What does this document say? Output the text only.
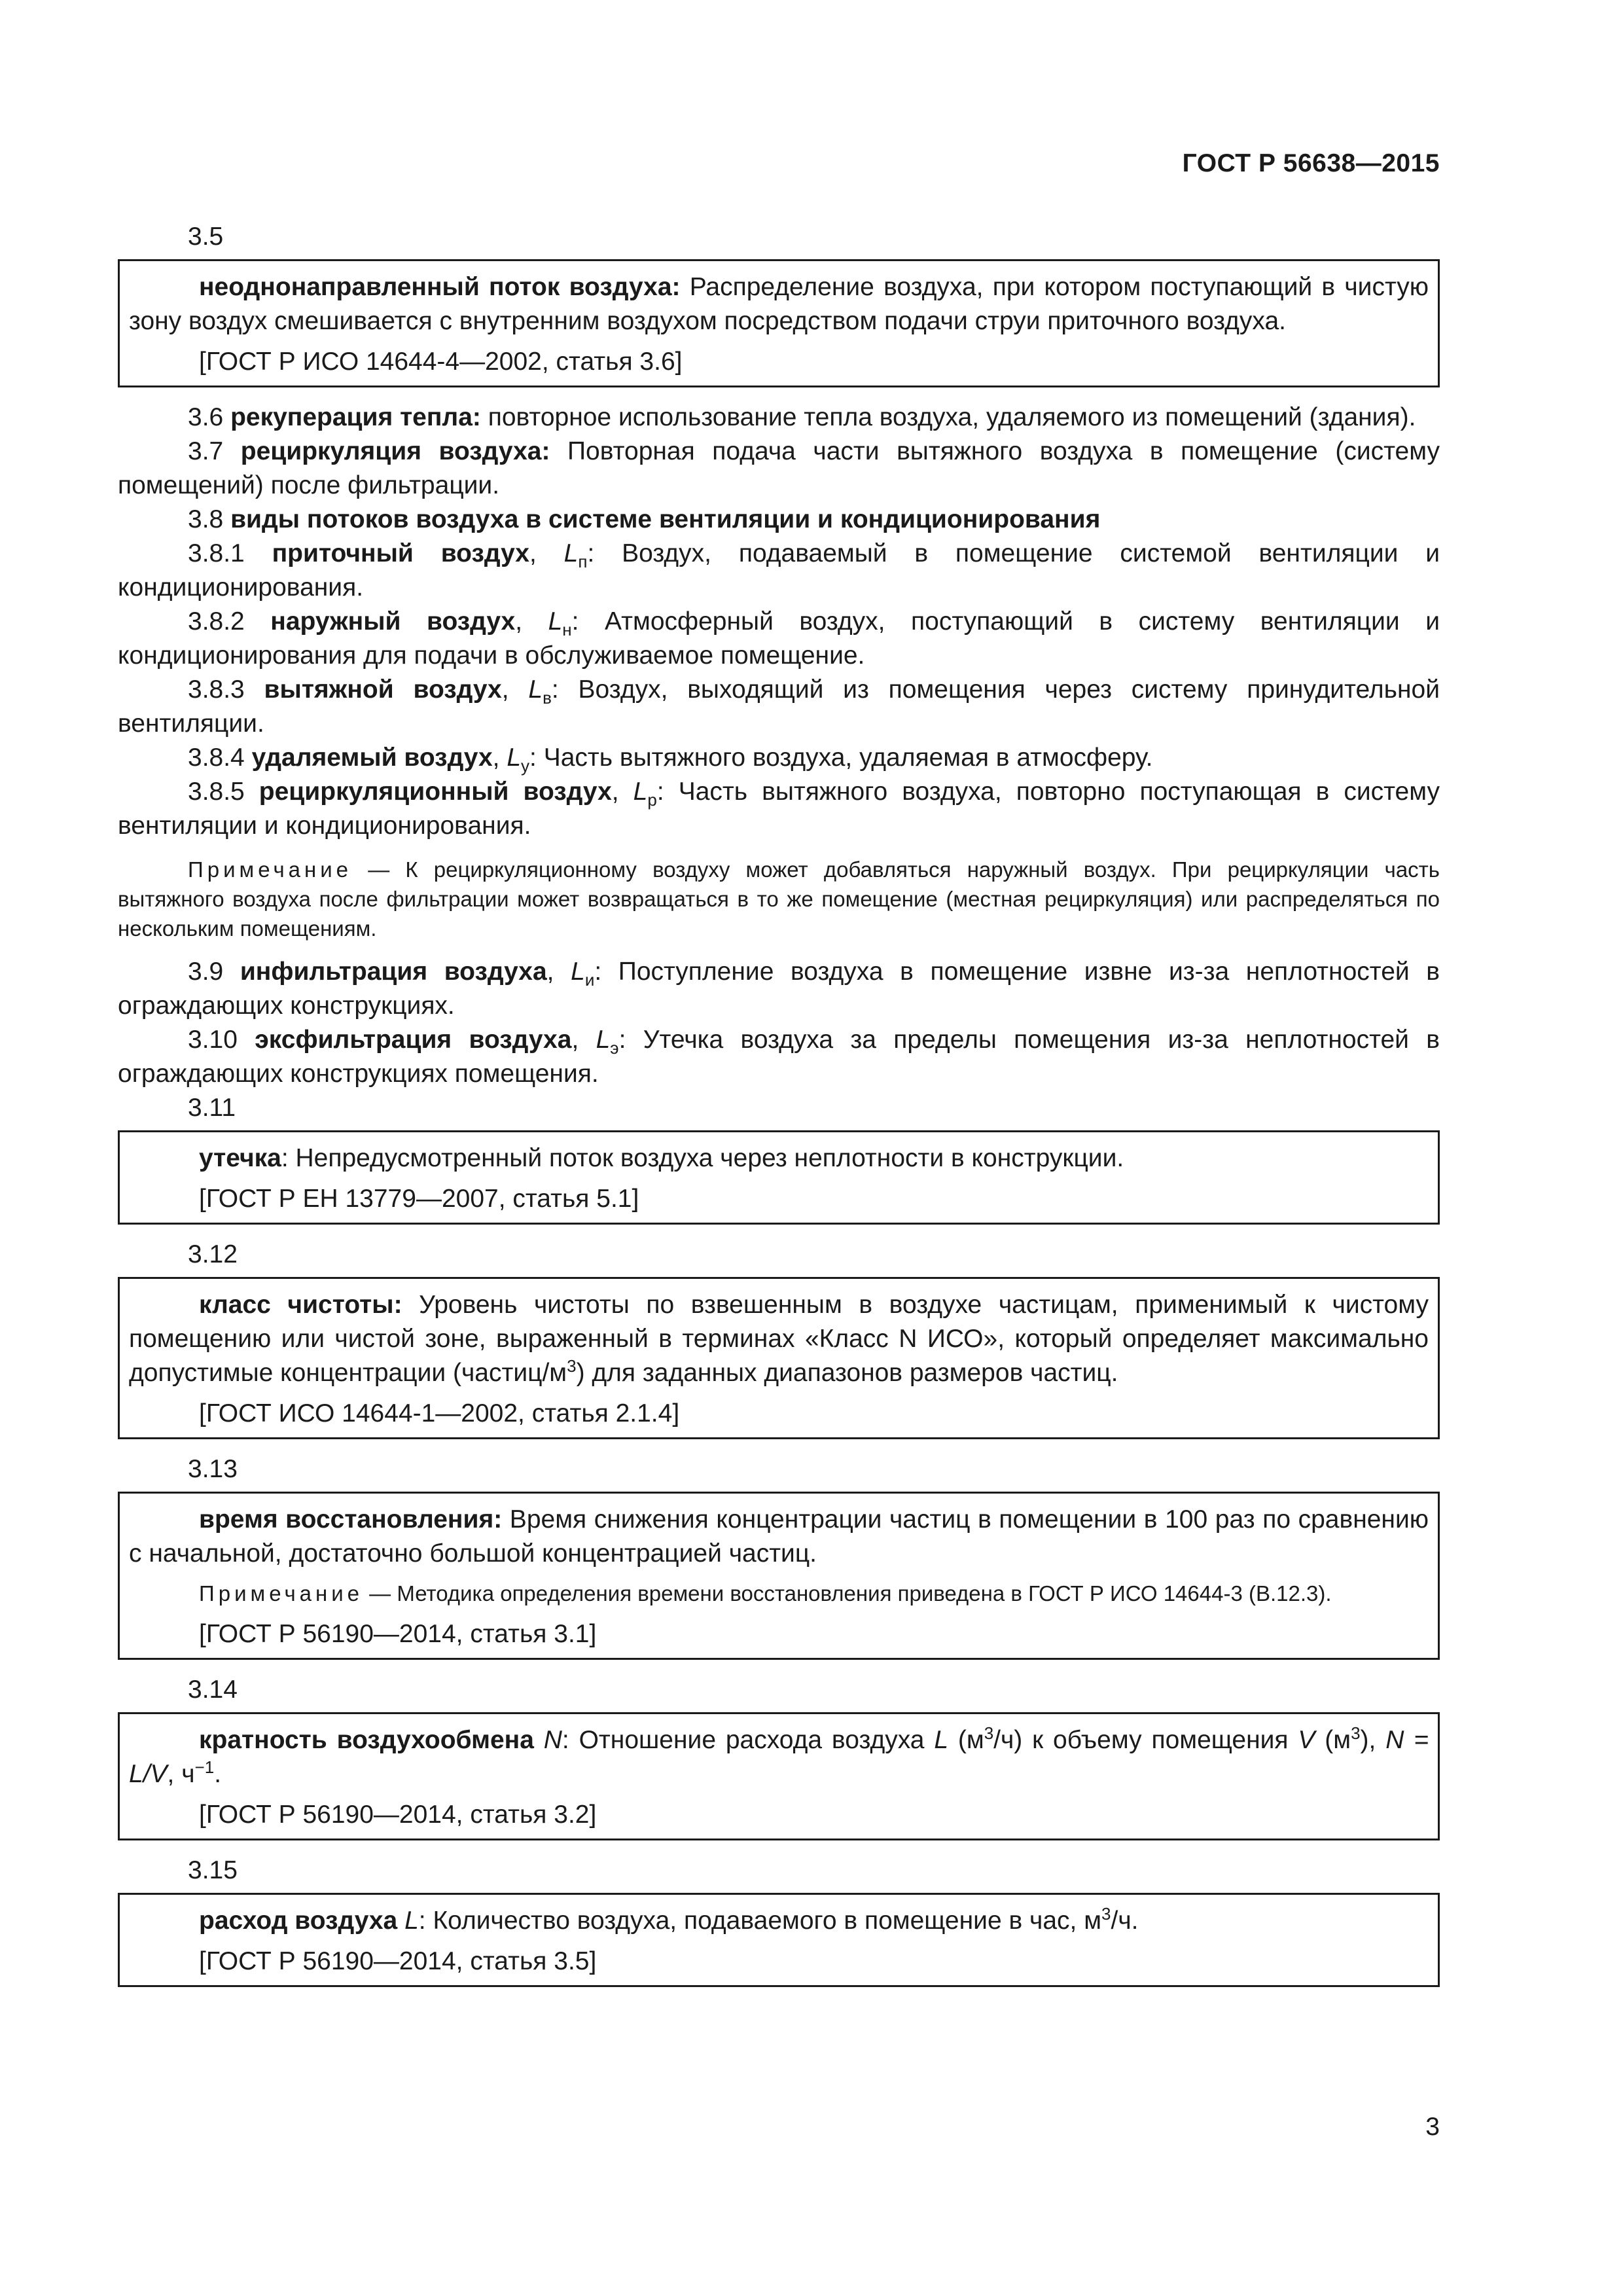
ГОСТ Р 56638—2015
3.5

неоднонаправленный поток воздуха: Распределение воздуха, при котором поступающий в чистую зону воздух смешивается с внутренним воздухом посредством подачи струи приточного воздуха.

[ГОСТ Р ИСО 14644-4—2002, статья 3.6]

3.6 рекуперация тепла: повторное использование тепла воздуха, удаляемого из помещений (здания).

3.7 рециркуляция воздуха: Повторная подача части вытяжного воздуха в помещение (систему помещений) после фильтрации.

3.8 виды потоков воздуха в системе вентиляции и кондиционирования

3.8.1 приточный воздух, $L_п$: Воздух, подаваемый в помещение системой вентиляции и кондиционирования.

3.8.2 наружный воздух, $L_н$: Атмосферный воздух, поступающий в систему вентиляции и кондиционирования для подачи в обслуживаемое помещение.

3.8.3 вытяжной воздух, $L_в$: Воздух, выходящий из помещения через систему принудительной вентиляции.

3.8.4 удаляемый воздух, $L_у$: Часть вытяжного воздуха, удаляемая в атмосферу.

3.8.5 рециркуляционный воздух, $L_р$: Часть вытяжного воздуха, повторно поступающая в систему вентиляции и кондиционирования.

Примечание — К рециркуляционному воздуху может добавляться наружный воздух. При рециркуляции часть вытяжного воздуха после фильтрации может возвращаться в то же помещение (местная рециркуляция) или распределяться по нескольким помещениям.

3.9 инфильтрация воздуха, $L_и$: Поступление воздуха в помещение извне из-за неплотностей в ограждающих конструкциях.

3.10 эксфильтрация воздуха, $L_э$: Утечка воздуха за пределы помещения из-за неплотностей в ограждающих конструкциях помещения.

3.11

утечка: Непредусмотренный поток воздуха через неплотности в конструкции.

[ГОСТ Р ЕН 13779—2007, статья 5.1]

3.12

класс чистоты: Уровень чистоты по взвешенным в воздухе частицам, применимый к чистому помещению или чистой зоне, выраженный в терминах «Класс N ИСО», который определяет максимально допустимые концентрации $(частиц/м^3)$ для заданных диапазонов размеров частиц.

[ГОСТ ИСО 14644-1—2002, статья 2.1.4]

3.13

время восстановления: Время снижения концентрации частиц в помещении в 100 раз по сравнению с начальной, достаточно большой концентрацией частиц.

Примечание — Методика определения времени восстановления приведена в ГОСТ Р ИСО 14644-3 (В.12.3).

[ГОСТ Р 56190—2014, статья 3.1]

3.14

кратность воздухообмена N: Отношение расхода воздуха L $(м^3/ч)$ к объему помещения V $(м^3)$, N = L/V, $ч^{-1}$.

[ГОСТ Р 56190—2014, статья 3.2]

3.15

расход воздуха L: Количество воздуха, подаваемого в помещение в час, $м^3/ч$.

[ГОСТ Р 56190—2014, статья 3.5]

3
